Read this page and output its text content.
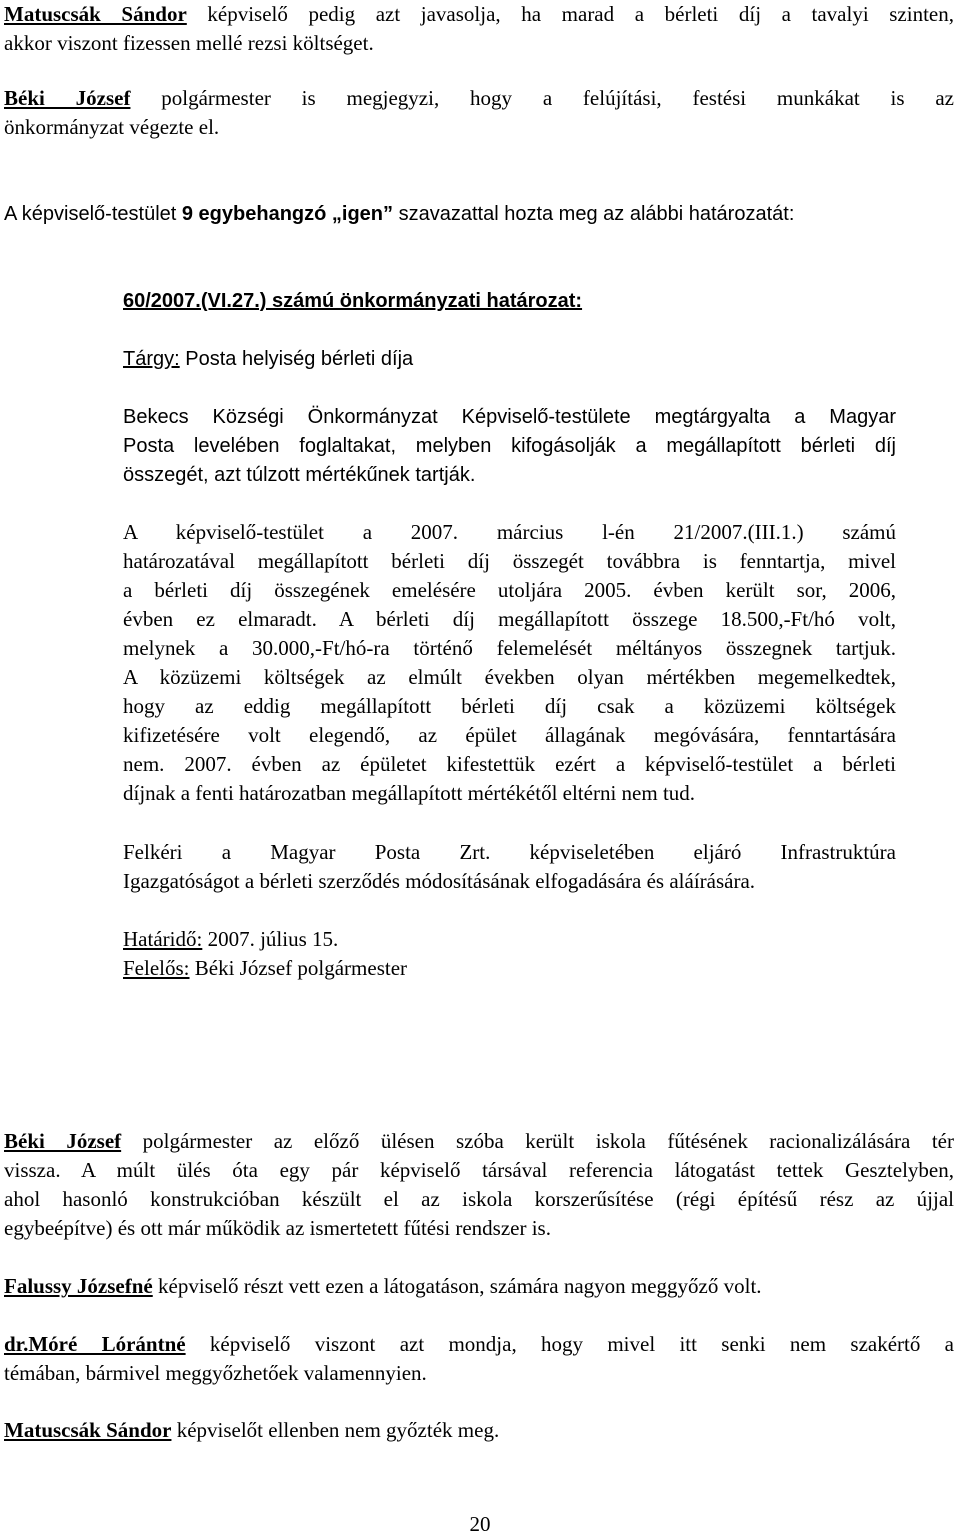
Matuscsák Sándor képviselő pedig azt javasolja, ha marad a bérleti díj a tavalyi szinten,
akkor viszont fizessen mellé rezsi költséget.
Béki József polgármester is megjegyzi, hogy a felújítási, festési munkákat is az
önkormányzat végezte el.
A képviselő-testület 9 egybehangzó „igen” szavazattal hozta meg az alábbi határozatát:
60/2007.(VI.27.) számú önkormányzati határozat:
Tárgy: Posta helyiség bérleti díja
Bekecs Községi Önkormányzat Képviselő-testülete megtárgyalta a Magyar
Posta levelében foglaltakat, melyben kifogásolják a megállapított bérleti díj
összegét, azt túlzott mértékűnek tartják.
A képviselő-testület a 2007. március l-én 21/2007.(III.1.) számú
határozatával megállapított bérleti díj összegét továbbra is fenntartja, mivel
a bérleti díj összegének emelésére utoljára 2005. évben került sor, 2006,
évben ez elmaradt. A bérleti díj megállapított összege 18.500,-Ft/hó volt,
melynek a 30.000,-Ft/hó-ra történő felemelését méltányos összegnek tartjuk.
A közüzemi költségek az elmúlt években olyan mértékben megemelkedtek,
hogy az eddig megállapított bérleti díj csak a közüzemi költségek
kifizetésére volt elegendő, az épület állagának megóvására, fenntartására
nem. 2007. évben az épületet kifestettük ezért a képviselő-testület a bérleti
díjnak a fenti határozatban megállapított mértékétől eltérni nem tud.
Felkéri a Magyar Posta Zrt. képviseletében eljáró Infrastruktúra
Igazgatóságot a bérleti szerződés módosításának elfogadására és aláírására.
Határidő: 2007. július 15.
Felelős: Béki József polgármester
Béki József polgármester az előző ülésen szóba került iskola fűtésének racionalizálására tér
vissza. A múlt ülés óta egy pár képviselő társával referencia látogatást tettek Gesztelyben,
ahol hasonló konstrukcióban készült el az iskola korszerűsítése (régi építésű rész az újjal
egybeépítve) és ott már működik az ismertetett fűtési rendszer is.
Falussy Józsefné képviselő részt vett ezen a látogatáson, számára nagyon meggyőző volt.
dr.Móré Lórántné képviselő viszont azt mondja, hogy mivel itt senki nem szakértő a
témában, bármivel meggyőzhetőek valamennyien.
Matuscsák Sándor képviselőt ellenben nem győzték meg.
20
